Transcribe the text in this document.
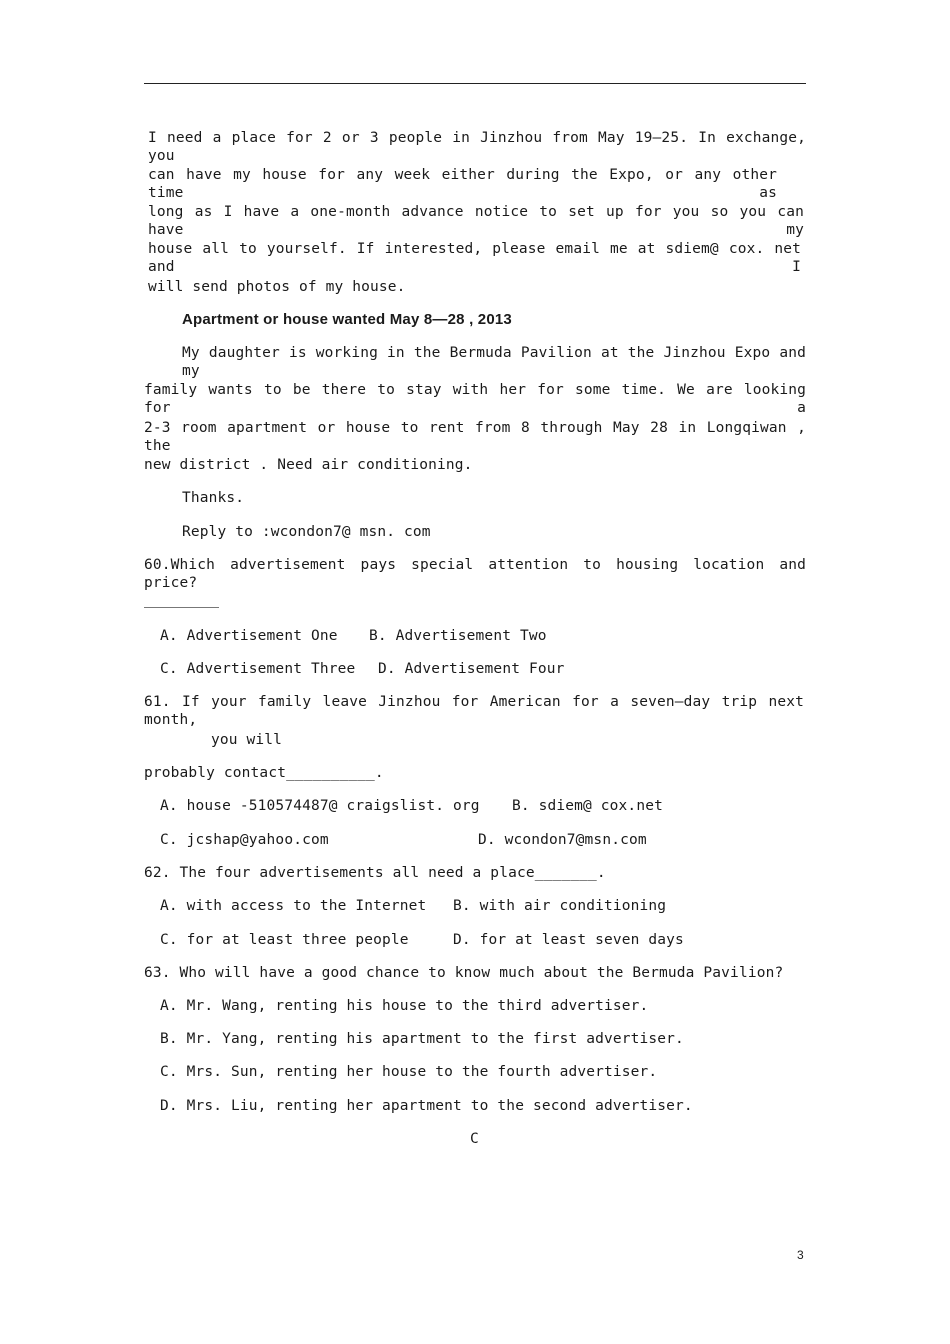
I need a place for 2 or 3 people in Jinzhou from May 19—25. In exchange, you
can have my house for any week either during the Expo, or any other time as
long as I have a one-month advance notice to set up for you so you can have my
house all to yourself. If interested, please email me at sdiem@ cox. net and I
will send photos of my house.
Apartment or house wanted May 8—28 , 2013
My daughter is working in the Bermuda Pavilion at the Jinzhou Expo and my
family wants to be there to stay with her for some time. We are looking for a
2-3 room apartment or house to rent from 8 through May 28 in Longqiwan , the
new district . Need air conditioning.
Thanks.
Reply to :wcondon7@ msn. com
60.Which advertisement pays special attention to housing location and price?
A. Advertisement One B. Advertisement Two
C. Advertisement Three D. Advertisement Four
61. If your family leave Jinzhou for American for a seven—day trip next month,
you will
probably contact__________.
A. house -510574487@ craigslist. org B. sdiem@ cox.net
C. jcshap@yahoo.com	D. wcondon7@msn.com
62. The four advertisements all need a place_______.
A. with access to the Internet B. with air conditioning
C. for at least three people	D. for at least seven days
63. Who will have a good chance to know much about the Bermuda Pavilion?
A. Mr. Wang, renting his house to the third advertiser.
B. Mr. Yang, renting his apartment to the first advertiser.
C. Mrs. Sun, renting her house to the fourth advertiser.
D. Mrs. Liu, renting her apartment to the second advertiser.
C
3
